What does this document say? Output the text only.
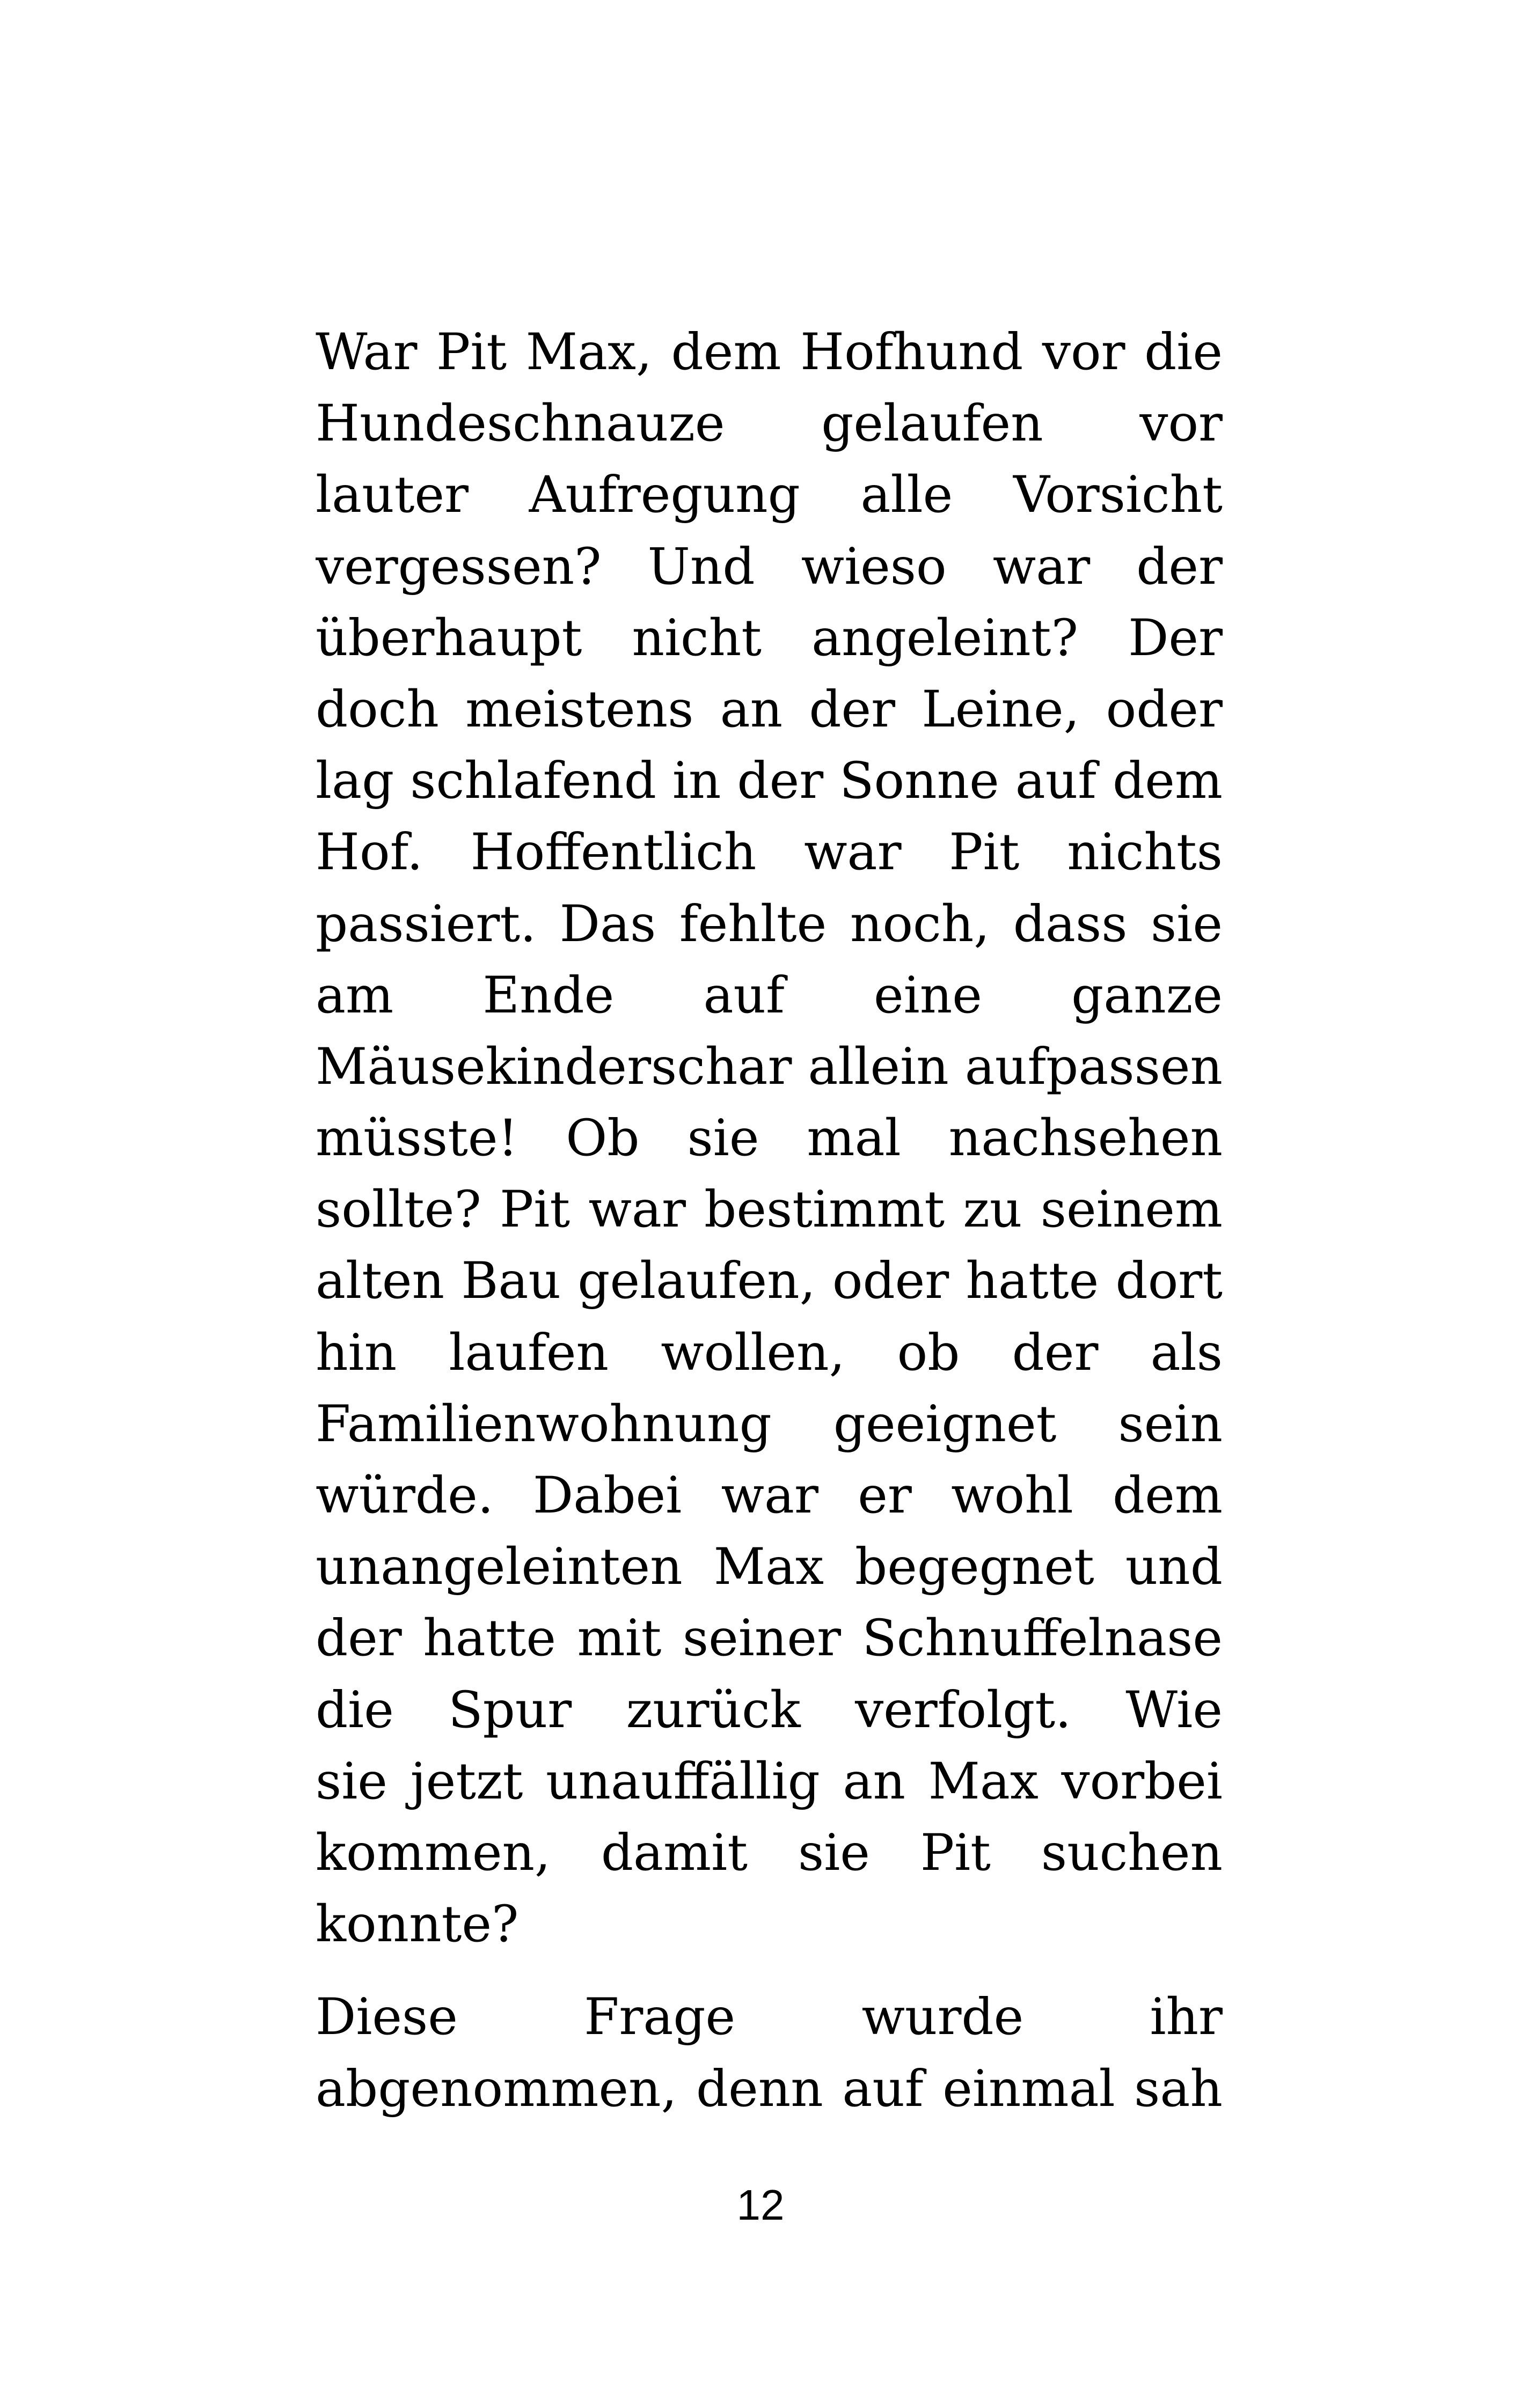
War Pit Max, dem Hofhund vor die
Hundeschnauze gelaufen vor
lauter Aufregung alle Vorsicht
vergessen? Und wieso war der
überhaupt nicht angeleint? Der
doch meistens an der Leine, oder
lag schlafend in der Sonne auf dem
Hof. Hoffentlich war Pit nichts
passiert. Das fehlte noch, dass sie
am Ende auf eine ganze
Mäusekinderschar allein aufpassen
müsste! Ob sie mal nachsehen
sollte? Pit war bestimmt zu seinem
alten Bau gelaufen, oder hatte dort
hin laufen wollen, ob der als
Familienwohnung geeignet sein
würde. Dabei war er wohl dem
unangeleinten Max begegnet und
der hatte mit seiner Schnuffelnase
die Spur zurück verfolgt. Wie
sie jetzt unauffällig an Max vorbei
kommen, damit sie Pit suchen
konnte?
Diese Frage wurde ihr
abgenommen, denn auf einmal sah
12
